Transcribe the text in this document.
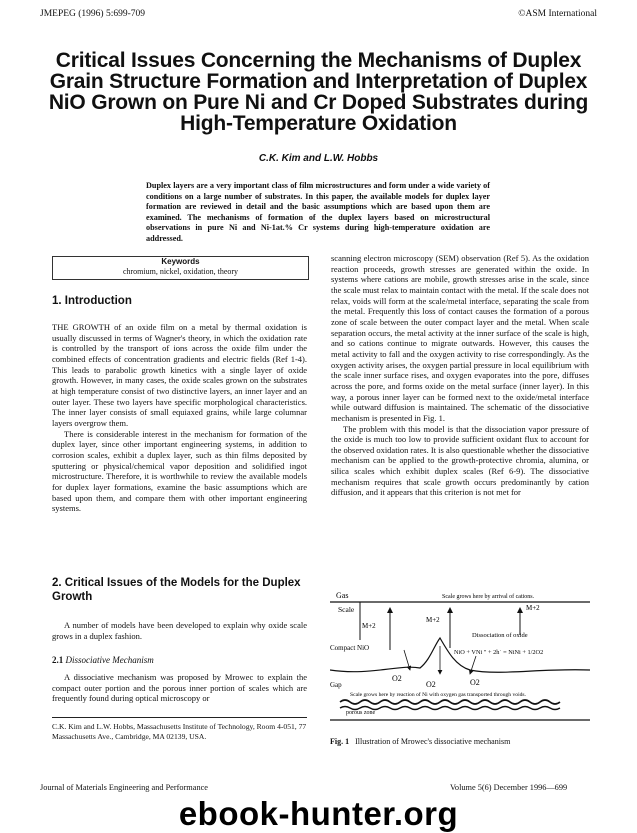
JMEPEG (1996) 5:699-709	©ASM International
Critical Issues Concerning the Mechanisms of Duplex Grain Structure Formation and Interpretation of Duplex NiO Grown on Pure Ni and Cr Doped Substrates during High-Temperature Oxidation
C.K. Kim and L.W. Hobbs
Duplex layers are a very important class of film microstructures and form under a wide variety of conditions on a large number of substrates. In this paper, the available models for duplex layer formation are reviewed in detail and the basic assumptions which are based upon them are examined. The mechanisms of formation of the duplex layers based on microstructural observations in pure Ni and Ni-1at.% Cr systems during high-temperature oxidation are addressed.
Keywords
chromium, nickel, oxidation, theory
1. Introduction

THE GROWTH of an oxide film on a metal by thermal oxidation is usually discussed in terms of Wagner's theory, in which the oxidation rate is controlled by the transport of ions across the oxide film under the combined effects of concentration gradients and electric fields (Ref 1-4). This leads to parabolic growth kinetics with a single layer of oxide growth. However, in many cases, the oxide scales grown on the substrates at high temperature consist of two distinctive layers, an inner layer and an outer layer. These two layers have specific morphological characteristics. The inner layer consists of small equiaxed grains, while large columnar layers overgrow them.

There is considerable interest in the mechanism for formation of the duplex layer, since other important engineering systems, in addition to corrosion scales, exhibit a duplex layer, such as thin films deposited by sputtering or physical/chemical vapor deposition and solidified ingot microstructure. Therefore, it is worthwhile to review the available models for duplex layer formations, examine the basic assumptions which are based upon them, and compare them with other important engineering systems.

2. Critical Issues of the Models for the Duplex Growth

A number of models have been developed to explain why oxide scale grows in a duplex fashion.

2.1 Dissociative Mechanism

A dissociative mechanism was proposed by Mrowec to explain the compact outer portion and the porous inner portion of scales which are frequently found during optical microscopy or

C.K. Kim and L.W. Hobbs, Massachusetts Institute of Technology, Room 4-051, 77 Massachusetts Ave., Cambridge, MA 02139, USA.

scanning electron microscopy (SEM) observation (Ref 5). As the oxidation reaction proceeds, growth stresses are generated within the oxide. In systems where cations are mobile, growth stresses arise in the scale, since the scale must relax to maintain contact with the metal. If the scale does not relax, voids will form at the scale/metal interface, separating the scale from the metal. Frequently this loss of contact causes the formation of a porous zone of scale between the outer compact layer and the metal. When scale separation occurs, the metal activity at the inner surface of the scale is high, and so cations continue to migrate outwards. However, this causes the metal activity to fall and the oxygen activity to rise correspondingly. As the oxygen activity arises, the oxygen partial pressure in local equilibrium with the scale inner surface rises, and oxygen evaporates into the pore, diffuses across the pore, and forms oxide on the metal surface (inner layer). In this way, a porous inner layer can be formed next to the oxide/metal interface while outward diffusion is maintained. The schematic of the dissociative mechanism is presented in Fig. 1.

The problem with this model is that the dissociation vapor pressure of the oxide is much too low to provide sufficient oxidant flux to account for the observed oxidation rates. It is also questionable whether the dissociative mechanism can be applied to the growth-protective chromia, alumina, or silica scales which exhibit duplex scales (Ref 6-9). The dissociative mechanism requires that scale growth occurs predominantly by cation diffusion, and it appears that this criterion is not met for

Gas	Scale grows here by arrival of cations.
Scale
M+2
M+2
M+2
Compact NiO
Dissociation of oxide
NiO + VNi " + 2h˙ = NiNi + 1/2O2
O2
O2	O2
Gap
Scale grows here by reaction of Ni with oxygen gas transported through voids.
porous zone
Fig. 1 Illustration of Mrowec's dissociative mechanism
Journal of Materials Engineering and Performance	Volume 5(6) December 1996—699
ebook-hunter.org
